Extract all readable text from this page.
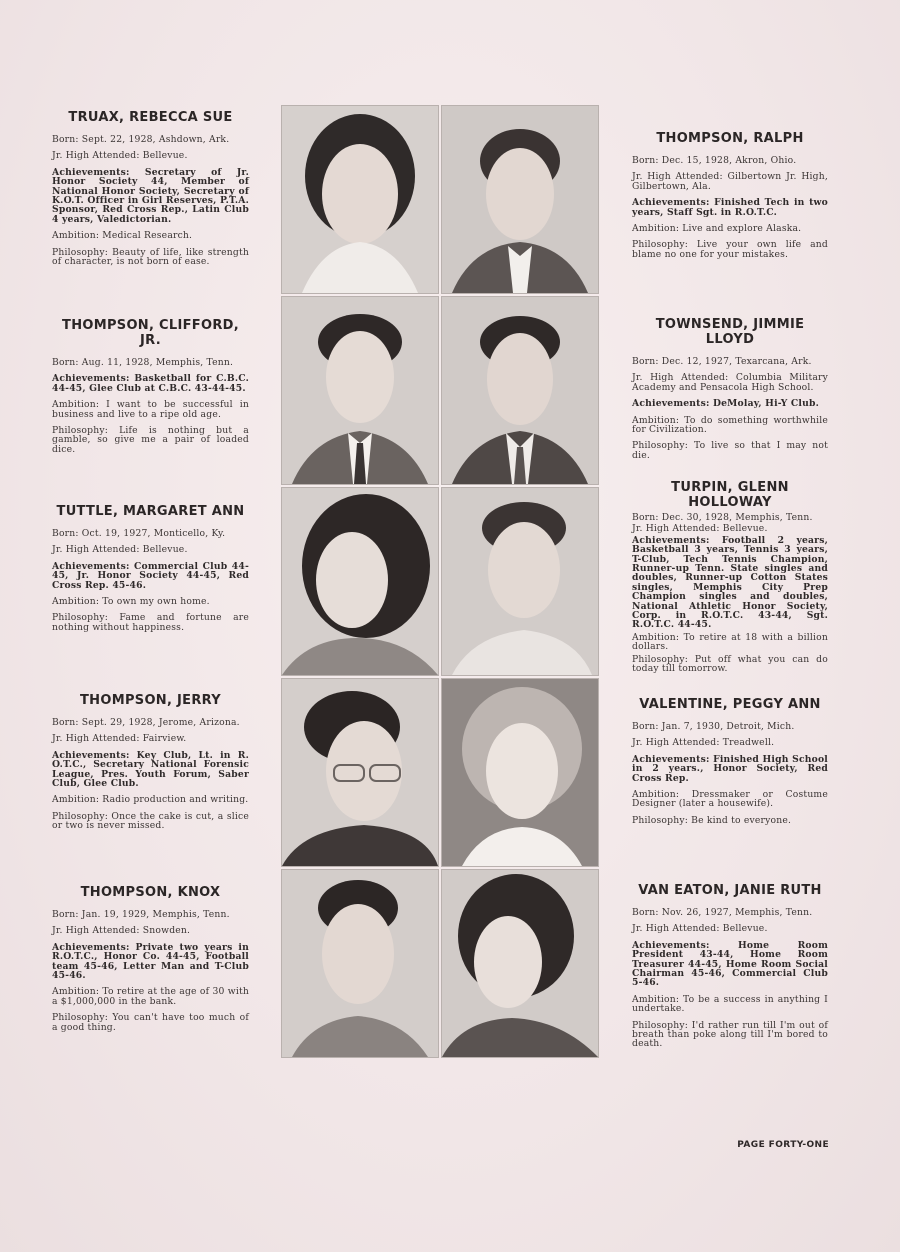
TRUAX, REBECCA SUE
Born: Sept. 22, 1928, Ashdown, Ark.
Jr. High Attended: Bellevue.
Achievements: Secretary of Jr. Honor Society 44, Member of National Honor Society, Secretary of K.O.T. Officer in Girl Reserves, P.T.A. Sponsor, Red Cross Rep., Latin Club 4 years, Valedictorian.
Ambition: Medical Research.
Philosophy: Beauty of life, like strength of character, is not born of ease.
THOMPSON, CLIFFORD, JR.
Born: Aug. 11, 1928, Memphis, Tenn.
Achievements: Basketball for C.B.C. 44-45, Glee Club at C.B.C. 43-44-45.
Ambition: I want to be successful in business and live to a ripe old age.
Philosophy: Life is nothing but a gamble, so give me a pair of loaded dice.
TUTTLE, MARGARET ANN
Born: Oct. 19, 1927, Monticello, Ky.
Jr. High Attended: Bellevue.
Achievements: Commercial Club 44-45, Jr. Honor Society 44-45, Red Cross Rep. 45-46.
Ambition: To own my own home.
Philosophy: Fame and fortune are nothing without happiness.
THOMPSON, JERRY
Born: Sept. 29, 1928, Jerome, Arizona.
Jr. High Attended: Fairview.
Achievements: Key Club, Lt. in R. O.T.C., Secretary National Forensic League, Pres. Youth Forum, Saber Club, Glee Club.
Ambition: Radio production and writing.
Philosophy: Once the cake is cut, a slice or two is never missed.
THOMPSON, KNOX
Born: Jan. 19, 1929, Memphis, Tenn.
Jr. High Attended: Snowden.
Achievements: Private two years in R.O.T.C., Honor Co. 44-45, Football team 45-46, Letter Man and T-Club 45-46.
Ambition: To retire at the age of 30 with a $1,000,000 in the bank.
Philosophy: You can't have too much of a good thing.
THOMPSON, RALPH
Born: Dec. 15, 1928, Akron, Ohio.
Jr. High Attended: Gilbertown Jr. High, Gilbertown, Ala.
Achievements: Finished Tech in two years, Staff Sgt. in R.O.T.C.
Ambition: Live and explore Alaska.
Philosophy: Live your own life and blame no one for your mistakes.
TOWNSEND, JIMMIE LLOYD
Born: Dec. 12, 1927, Texarcana, Ark.
Jr. High Attended: Columbia Military Academy and Pensacola High School.
Achievements: DeMolay, Hi-Y Club.
Ambition: To do something worthwhile for Civilization.
Philosophy: To live so that I may not die.
TURPIN, GLENN HOLLOWAY
Born: Dec. 30, 1928, Memphis, Tenn.
Jr. High Attended: Bellevue.
Achievements: Football 2 years, Basketball 3 years, Tennis 3 years, T-Club, Tech Tennis Champion, Runner-up Tenn. State singles and doubles, Runner-up Cotton States singles, Memphis City Prep Champion singles and doubles, National Athletic Honor Society, Corp. in R.O.T.C. 43-44, Sgt. R.O.T.C. 44-45.
Ambition: To retire at 18 with a billion dollars.
Philosophy: Put off what you can do today till tomorrow.
VALENTINE, PEGGY ANN
Born: Jan. 7, 1930, Detroit, Mich.
Jr. High Attended: Treadwell.
Achievements: Finished High School in 2 years., Honor Society, Red Cross Rep.
Ambition: Dressmaker or Costume Designer (later a housewife).
Philosophy: Be kind to everyone.
VAN EATON, JANIE RUTH
Born: Nov. 26, 1927, Memphis, Tenn.
Jr. High Attended: Bellevue.
Achievements: Home Room President 43-44, Home Room Treasurer 44-45, Home Room Social Chairman 45-46, Commercial Club 5-46.
Ambition: To be a success in anything I undertake.
Philosophy: I'd rather run till I'm out of breath than poke along till I'm bored to death.
PAGE FORTY-ONE
